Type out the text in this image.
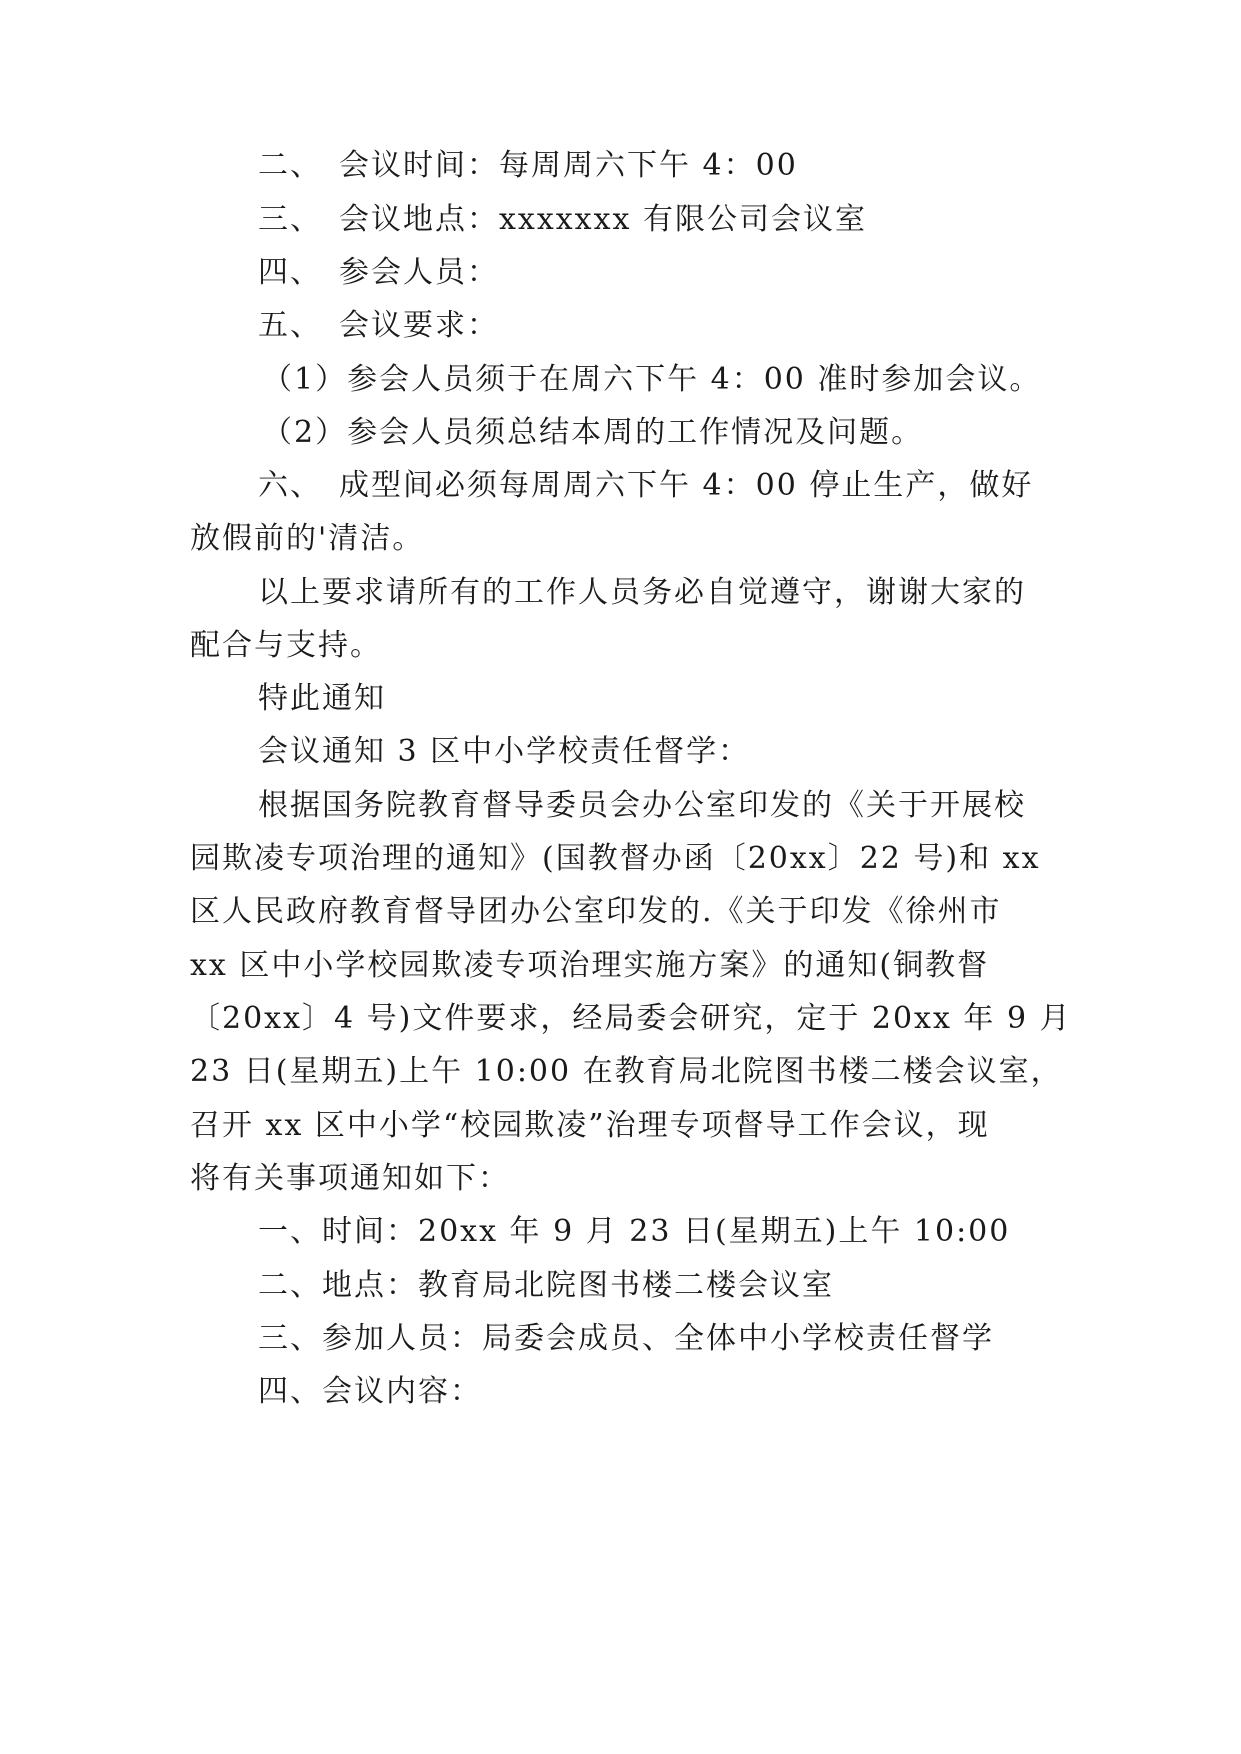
二、　会议时间：每周周六下午 4：00
三、　会议地点：xxxxxxx 有限公司会议室
四、　参会人员：
五、　会议要求：
（1）参会人员须于在周六下午 4：00 准时参加会议。
（2）参会人员须总结本周的工作情况及问题。
六、　成型间必须每周周六下午 4：00 停止生产，做好
放假前的'清洁。
以上要求请所有的工作人员务必自觉遵守，谢谢大家的
配合与支持。
特此通知
会议通知 3 区中小学校责任督学：
根据国务院教育督导委员会办公室印发的《关于开展校
园欺凌专项治理的通知》(国教督办函〔20xx〕22 号)和 xx
区人民政府教育督导团办公室印发的.《关于印发《徐州市
xx 区中小学校园欺凌专项治理实施方案》的通知(铜教督
〔20xx〕4 号)文件要求，经局委会研究，定于 20xx 年 9 月
23 日(星期五)上午 10:00 在教育局北院图书楼二楼会议室，
召开 xx 区中小学“校园欺凌”治理专项督导工作会议，现
将有关事项通知如下：
一、时间：20xx 年 9 月 23 日(星期五)上午 10:00
二、地点：教育局北院图书楼二楼会议室
三、参加人员：局委会成员、全体中小学校责任督学
四、会议内容：
